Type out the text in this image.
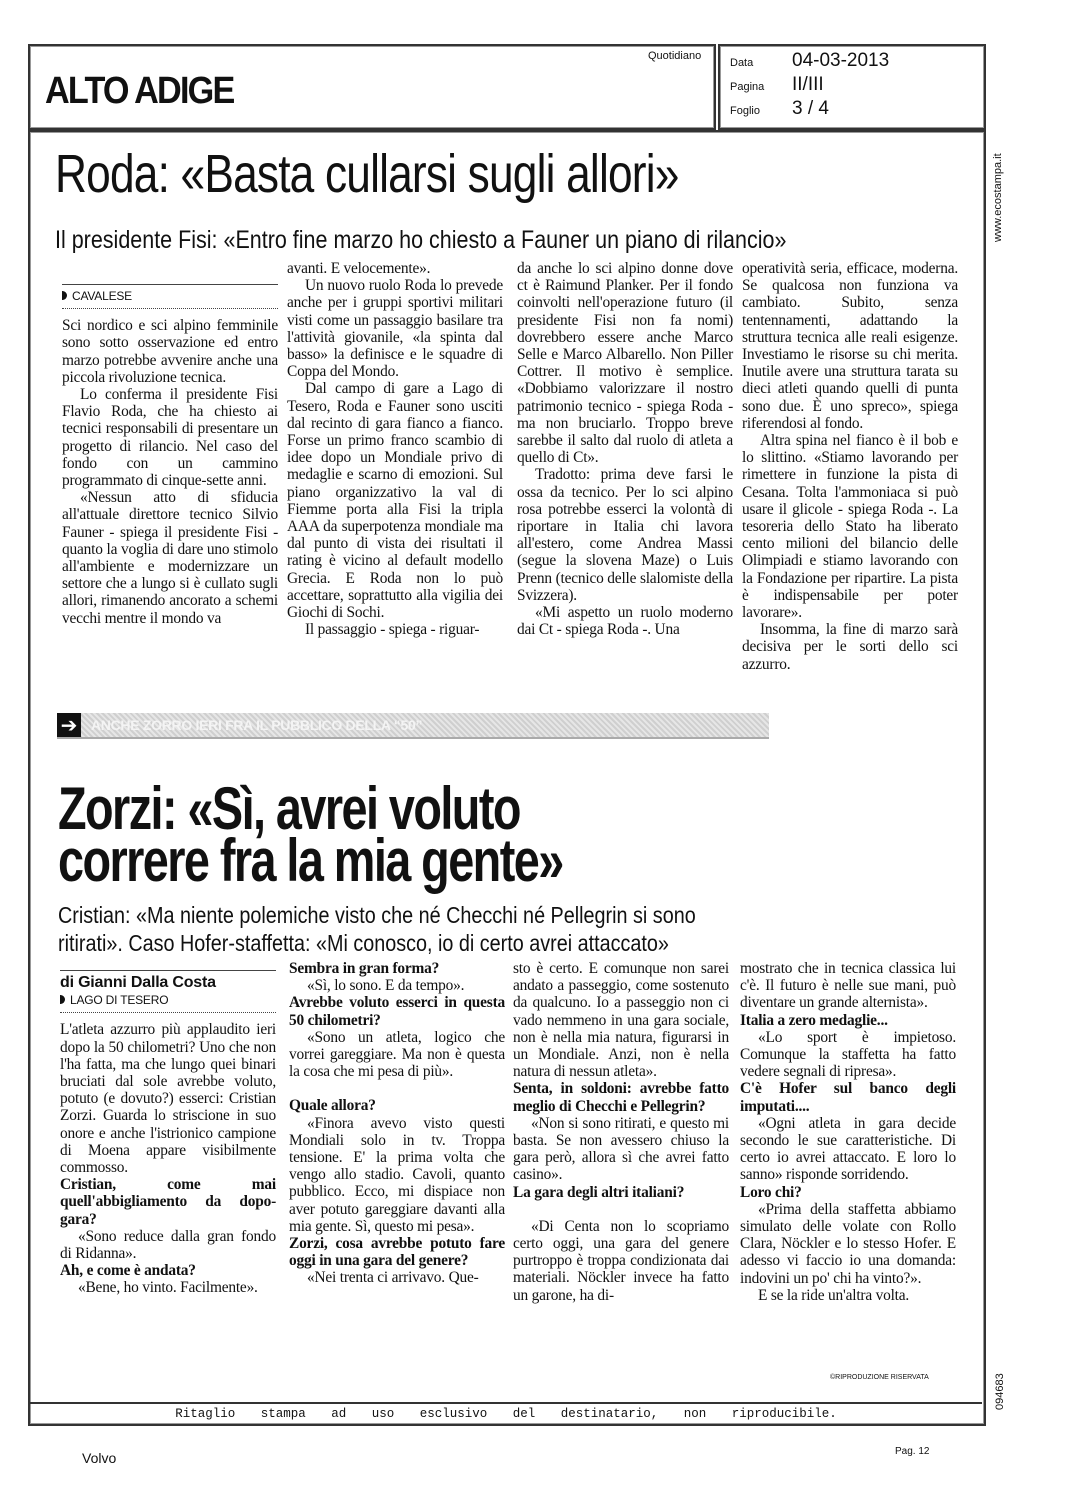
ALTO ADIGE
Quotidiano
Data 04-03-2013
Pagina II/III
Foglio 3 / 4
www.ecostampa.it
094683
Roda: «Basta cullarsi sugli allori»
Il presidente Fisi: «Entro fine marzo ho chiesto a Fauner un piano di rilancio»
CAVALESE

Sci nordico e sci alpino femminile sono sotto osservazione ed entro marzo potrebbe avvenire anche una piccola rivoluzione tecnica.

Lo conferma il presidente Fisi Flavio Roda, che ha chiesto ai tecnici responsabili di presentare un progetto di rilancio. Nel caso del fondo con un cammino programmato di cinque-sette anni.

«Nessun atto di sfiducia all'attuale direttore tecnico Silvio Fauner - spiega il presidente Fisi - quanto la voglia di dare uno stimolo all'ambiente e modernizzare un settore che a lungo si è cullato sugli allori, rimanendo ancorato a schemi vecchi mentre il mondo va

avanti. E velocemente».

Un nuovo ruolo Roda lo prevede anche per i gruppi sportivi militari visti come un passaggio basilare tra l'attività giovanile, «la spinta dal basso» la definisce e le squadre di Coppa del Mondo.

Dal campo di gare a Lago di Tesero, Roda e Fauner sono usciti dal recinto di gara fianco a fianco. Forse un primo franco scambio di idee dopo un Mondiale privo di medaglie e scarno di emozioni. Sul piano organizzativo la val di Fiemme porta alla Fisi la tripla AAA da superpotenza mondiale ma dal punto di vista dei risultati il rating è vicino al default modello Grecia. E Roda non lo può accettare, soprattutto alla vigilia dei Giochi di Sochi.

Il passaggio - spiega - riguar-

da anche lo sci alpino donne dove ct è Raimund Planker. Per il fondo coinvolti nell'operazione futuro (il presidente Fisi non fa nomi) dovrebbero essere anche Marco Selle e Marco Albarello. Non Piller Cottrer. Il motivo è semplice. «Dobbiamo valorizzare il nostro patrimonio tecnico - spiega Roda - ma non bruciarlo. Troppo breve sarebbe il salto dal ruolo di atleta a quello di Ct».

Tradotto: prima deve farsi le ossa da tecnico. Per lo sci alpino rosa potrebbe esserci la volontà di riportare in Italia chi lavora all'estero, come Andrea Massi (segue la slovena Maze) o Luis Prenn (tecnico delle slalomiste della Svizzera).

«Mi aspetto un ruolo moderno dai Ct - spiega Roda -. Una

operatività seria, efficace, moderna. Se qualcosa non funziona va cambiato. Subito, senza tentennamenti, adattando la struttura tecnica alle reali esigenze. Investiamo le risorse su chi merita. Inutile avere una struttura tarata su dieci atleti quando quelli di punta sono due. È uno spreco», spiega riferendosi al fondo.

Altra spina nel fianco è il bob e lo slittino. «Stiamo lavorando per rimettere in funzione la pista di Cesana. Tolta l'ammoniaca si può usare il glicole - spiega Roda -. La tesoreria dello Stato ha liberato cento milioni del bilancio delle Olimpiadi e stiamo lavorando con la Fondazione per ripartire. La pista è indispensabile per poter lavorare».

Insomma, la fine di marzo sarà decisiva per le sorti dello sci azzurro.

➔ ANCHE ZORRO IERI FRA IL PUBBLICO DELLA “50”
Zorzi: «Sì, avrei voluto
correre fra la mia gente»
Cristian: «Ma niente polemiche visto che né Checchi né Pellegrin si sono
ritirati». Caso Hofer-staffetta: «Mi conosco, io di certo avrei attaccato»
di Gianni Dalla Costa
LAGO DI TESERO

L'atleta azzurro più applaudito ieri dopo la 50 chilometri? Uno che non l'ha fatta, ma che lungo quei binari bruciati dal sole avrebbe voluto, potuto (e dovuto?) esserci: Cristian Zorzi. Guarda lo striscione in suo onore e anche l'istrionico campione di Moena appare visibilmente commosso.

Cristian, come mai quell'abbigliamento da dopo-gara?

«Sono reduce dalla gran fondo di Ridanna».

Ah, e come è andata?

«Bene, ho vinto. Facilmente».

Sembra in gran forma?

«Sì, lo sono. E da tempo».

Avrebbe voluto esserci in questa 50 chilometri?

«Sono un atleta, logico che vorrei gareggiare. Ma non è questa la cosa che mi pesa di più».

Quale allora?

«Finora avevo visto questi Mondiali solo in tv. Troppa tensione. E' la prima volta che vengo allo stadio. Cavoli, quanto pubblico. Ecco, mi dispiace non aver potuto gareggiare davanti alla mia gente. Sì, questo mi pesa».

Zorzi, cosa avrebbe potuto fare oggi in una gara del genere?

«Nei trenta ci arrivavo. Que-

sto è certo. E comunque non sarei andato a passeggio, come sostenuto da qualcuno. Io a passeggio non ci vado nemmeno in una gara sociale, non è nella mia natura, figurarsi in un Mondiale. Anzi, non è nella natura di nessun atleta».

Senta, in soldoni: avrebbe fatto meglio di Checchi e Pellegrin?

«Non si sono ritirati, e questo mi basta. Se non avessero chiuso la gara però, allora sì che avrei fatto casino».

La gara degli altri italiani?

«Di Centa non lo scopriamo certo oggi, una gara del genere purtroppo è troppa condizionata dai materiali. Nöckler invece ha fatto un garone, ha di-

mostrato che in tecnica classica lui c'è. Il futuro è nelle sue mani, può diventare un grande alternista».

Italia a zero medaglie...

«Lo sport è impietoso. Comunque la staffetta ha fatto vedere segnali di ripresa».

C'è Hofer sul banco degli imputati....

«Ogni atleta in gara decide secondo le sue caratteristiche. Di certo io avrei attaccato. E loro lo sanno» risponde sorridendo.

Loro chi?

«Prima della staffetta abbiamo simulato delle volate con Rollo Clara, Nöckler e lo stesso Hofer. E adesso vi faccio io una domanda: indovini un po' chi ha vinto?».

E se la ride un'altra volta.

©RIPRODUZIONE RISERVATA
Ritaglio stampa ad uso esclusivo del destinatario, non riproducibile.
Volvo	Pag. 12
